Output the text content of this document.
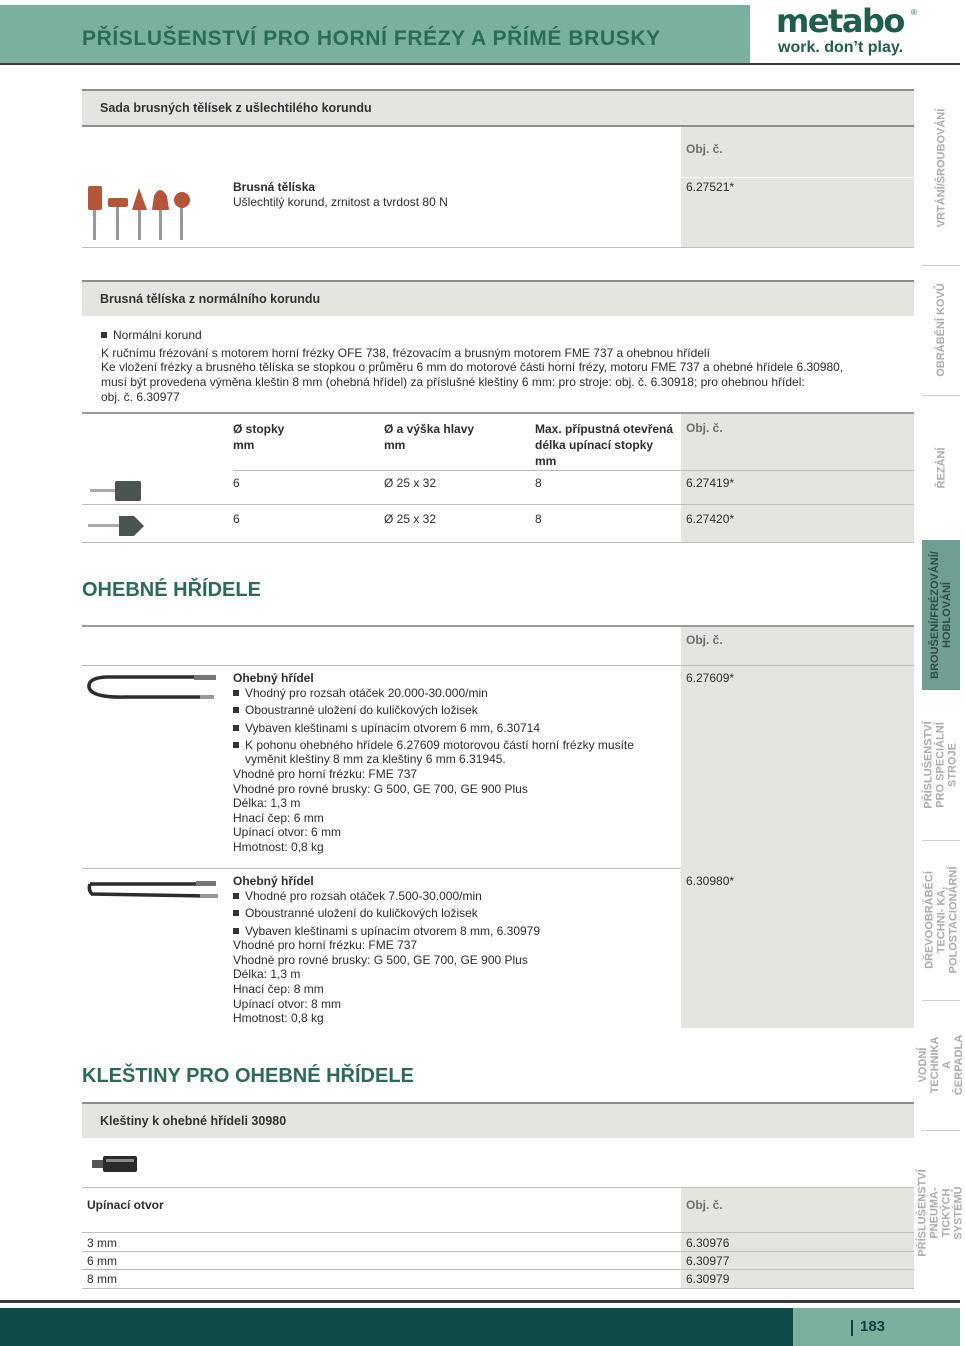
PŘÍSLUŠENSTVÍ PRO HORNÍ FRÉZY A PŘÍMÉ BRUSKY	metabo ®
work. don’t play.
VRTÁNÍ/ŠROUBOVÁNÍ
OBRÁBĚNÍ KOVŮ
ŘEZÁNÍ
BROUŠENÍ/FRÉZOVÁNÍ/ HOBLOVÁNÍ
PŘÍSLUŠENSTVÍ PRO SPECIÁLNÍ STROJE
DŘEVOOBRÁBĚCÍ TECHNI- KA, POLOSTACIONÁRNÍ
VODNÍ TECHNIKA A ČERPADLA
PŘÍSLUŠENSTVÍ PNEUMA- TICKÝCH SYSTÉMŮ
Sada brusných tělísek z ušlechtilého korundu
Obj. č.
Brusná tělíska
Ušlechtilý korund, zrnitost a tvrdost 80 N
6.27521*
Brusná tělíska z normálního korundu
Normální korund
K ručnímu frézování s motorem horní frézky OFE 738, frézovacím a brusným motorem FME 737 a ohebnou hřídelí
Ke vložení frézky a brusného tělíska se stopkou o průměru 6 mm do motorové části horní frézy, motoru FME 737 a ohebné hřídele 6.30980,
musí být provedena výměna kleštin 8 mm (ohebná hřídel) za příslušné kleštiny 6 mm: pro stroje: obj. č. 6.30918; pro ohebnou hřídel:
obj. č. 6.30977
Ø stopky
mm
Ø a výška hlavy
mm
Max. přípustná otevřená
délka upínací stopky
mm
Obj. č.
6	Ø 25 x 32	8	6.27419*
6	Ø 25 x 32	8	6.27420*
OHEBNÉ HŘÍDELE
Obj. č.
Ohebný hřídel	6.27609*
Vhodný pro rozsah otáček 20.000-30.000/min
Oboustranné uložení do kuličkových ložisek
Vybaven kleštinami s upínacím otvorem 6 mm, 6.30714
K pohonu ohebného hřídele 6.27609 motorovou částí horní frézky musíte
vyměnit kleštiny 8 mm za kleštiny 6 mm 6.31945.
Vhodné pro horní frézku: FME 737
Vhodné pro rovné brusky: G 500, GE 700, GE 900 Plus
Délka: 1,3 m
Hnací čep: 6 mm
Upínací otvor: 6 mm
Hmotnost: 0,8 kg
Ohebný hřídel	6.30980*
Vhodné pro rozsah otáček 7.500-30.000/min
Oboustranné uložení do kuličkových ložisek
Vybaven kleštinami s upínacím otvorem 8 mm, 6.30979
Vhodné pro horní frézku: FME 737
Vhodné pro rovné brusky: G 500, GE 700, GE 900 Plus
Délka: 1,3 m
Hnací čep: 8 mm
Upínací otvor: 8 mm
Hmotnost: 0,8 kg
KLEŠTINY PRO OHEBNÉ HŘÍDELE
Kleštiny k ohebné hřídeli 30980
Upínací otvor	Obj. č.
3 mm	6.30976
6 mm	6.30977
8 mm	6.30979
183
